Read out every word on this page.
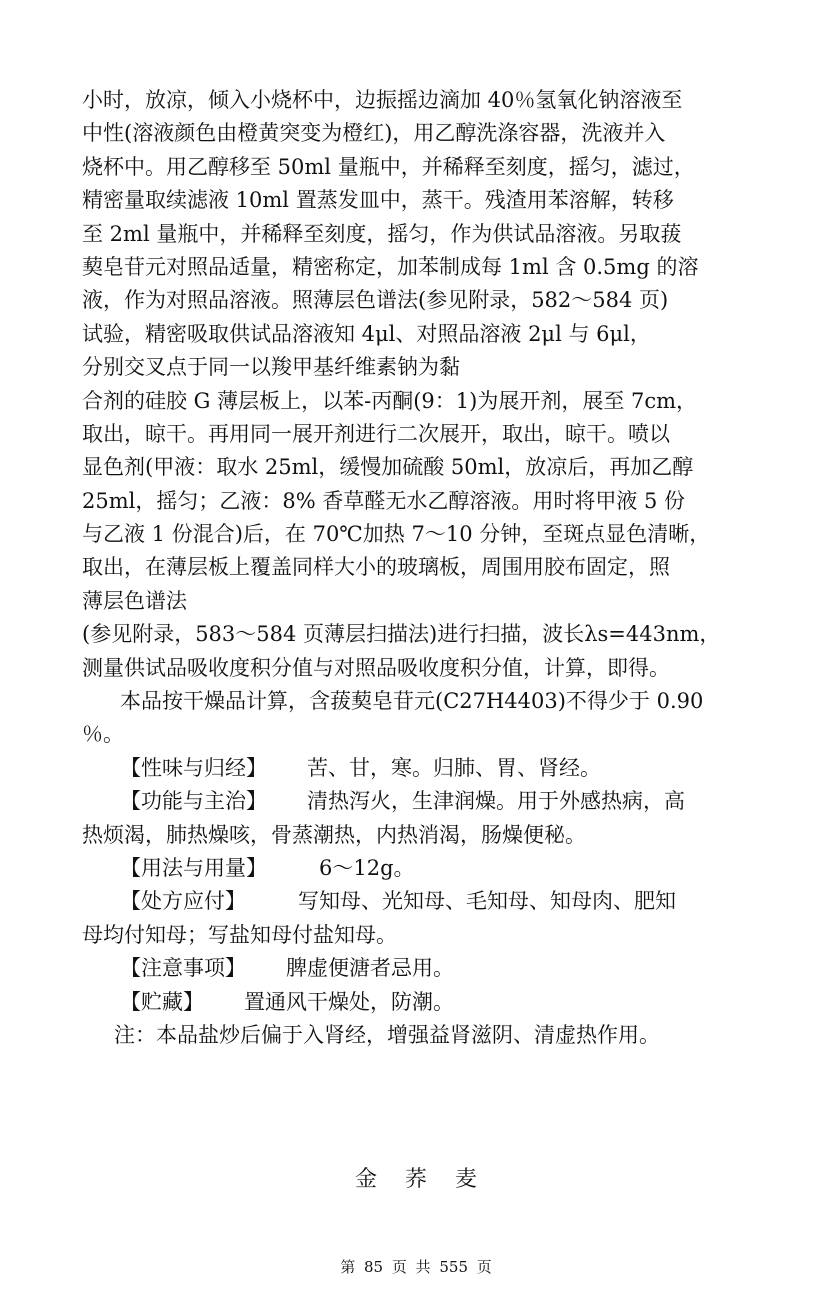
小时，放凉，倾入小烧杯中，边振摇边滴加 40％氢氧化钠溶液至
中性(溶液颜色由橙黄突变为橙红)，用乙醇洗涤容器，洗液并入
烧杯中。用乙醇移至 50ml 量瓶中，并稀释至刻度，摇匀，滤过，
精密量取续滤液 10ml 置蒸发皿中，蒸干。残渣用苯溶解，转移
至 2ml 量瓶中，并稀释至刻度，摇匀，作为供试品溶液。另取菝
葜皂苷元对照品适量，精密称定，加苯制成每 1ml 含 0.5mg 的溶
液，作为对照品溶液。照薄层色谱法(参见附录，582～584 页)
试验，精密吸取供试品溶液知 4μl、对照品溶液 2μl 与 6μl，
分别交叉点于同一以羧甲基纤维素钠为黏
合剂的硅胶 G 薄层板上，以苯-丙酮(9：1)为展开剂，展至 7cm，
取出，晾干。再用同一展开剂进行二次展开，取出，晾干。喷以
显色剂(甲液：取水 25ml，缓慢加硫酸 50ml，放凉后，再加乙醇
25ml，摇匀；乙液：8% 香草醛无水乙醇溶液。用时将甲液 5 份
与乙液 1 份混合)后，在 70℃加热 7～10 分钟，至斑点显色清晰，
取出，在薄层板上覆盖同样大小的玻璃板，周围用胶布固定，照
薄层色谱法
(参见附录，583～584 页薄层扫描法)进行扫描，波长λs=443nm，
测量供试品吸收度积分值与对照品吸收度积分值，计算，即得。
本品按干燥品计算，含菝葜皂苷元(C27H4403)不得少于 0.90
％。
【性味与归经】 苦、甘，寒。归肺、胃、肾经。
【功能与主治】 清热泻火，生津润燥。用于外感热病，高
热烦渴，肺热燥咳，骨蒸潮热，内热消渴，肠燥便秘。
【用法与用量】 6～12g。
【处方应付】 写知母、光知母、毛知母、知母肉、肥知
母均付知母；写盐知母付盐知母。
【注意事项】 脾虚便溏者忌用。
【贮藏】 置通风干燥处，防潮。
注：本品盐炒后偏于入肾经，增强益肾滋阴、清虚热作用。
金荞麦
第 85 页 共 555 页
